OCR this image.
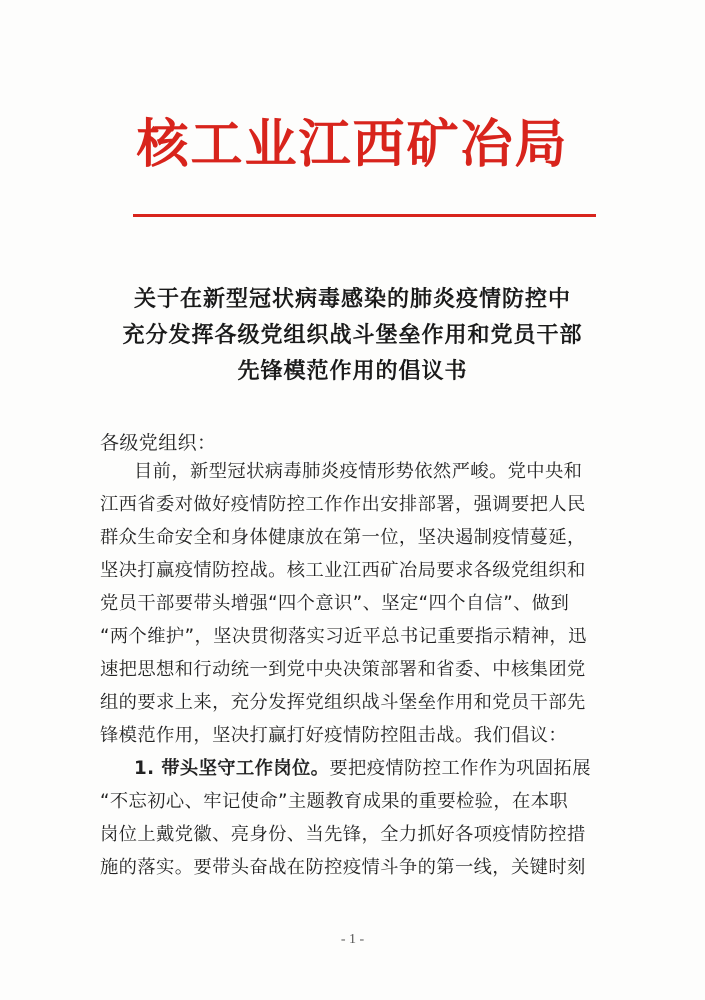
核工业江西矿冶局
关于在新型冠状病毒感染的肺炎疫情防控中
充分发挥各级党组织战斗堡垒作用和党员干部
先锋模范作用的倡议书
各级党组织：
目前，新型冠状病毒肺炎疫情形势依然严峻。党中央和
江西省委对做好疫情防控工作作出安排部署，强调要把人民
群众生命安全和身体健康放在第一位，坚决遏制疫情蔓延，
坚决打赢疫情防控战。核工业江西矿冶局要求各级党组织和
党员干部要带头增强“四个意识”、坚定“四个自信”、做到
“两个维护”，坚决贯彻落实习近平总书记重要指示精神，迅
速把思想和行动统一到党中央决策部署和省委、中核集团党
组的要求上来，充分发挥党组织战斗堡垒作用和党员干部先
锋模范作用，坚决打赢打好疫情防控阻击战。我们倡议：
1. 带头坚守工作岗位。要把疫情防控工作作为巩固拓展
“不忘初心、牢记使命”主题教育成果的重要检验，在本职
岗位上戴党徽、亮身份、当先锋，全力抓好各项疫情防控措
施的落实。要带头奋战在防控疫情斗争的第一线，关键时刻
- 1 -
